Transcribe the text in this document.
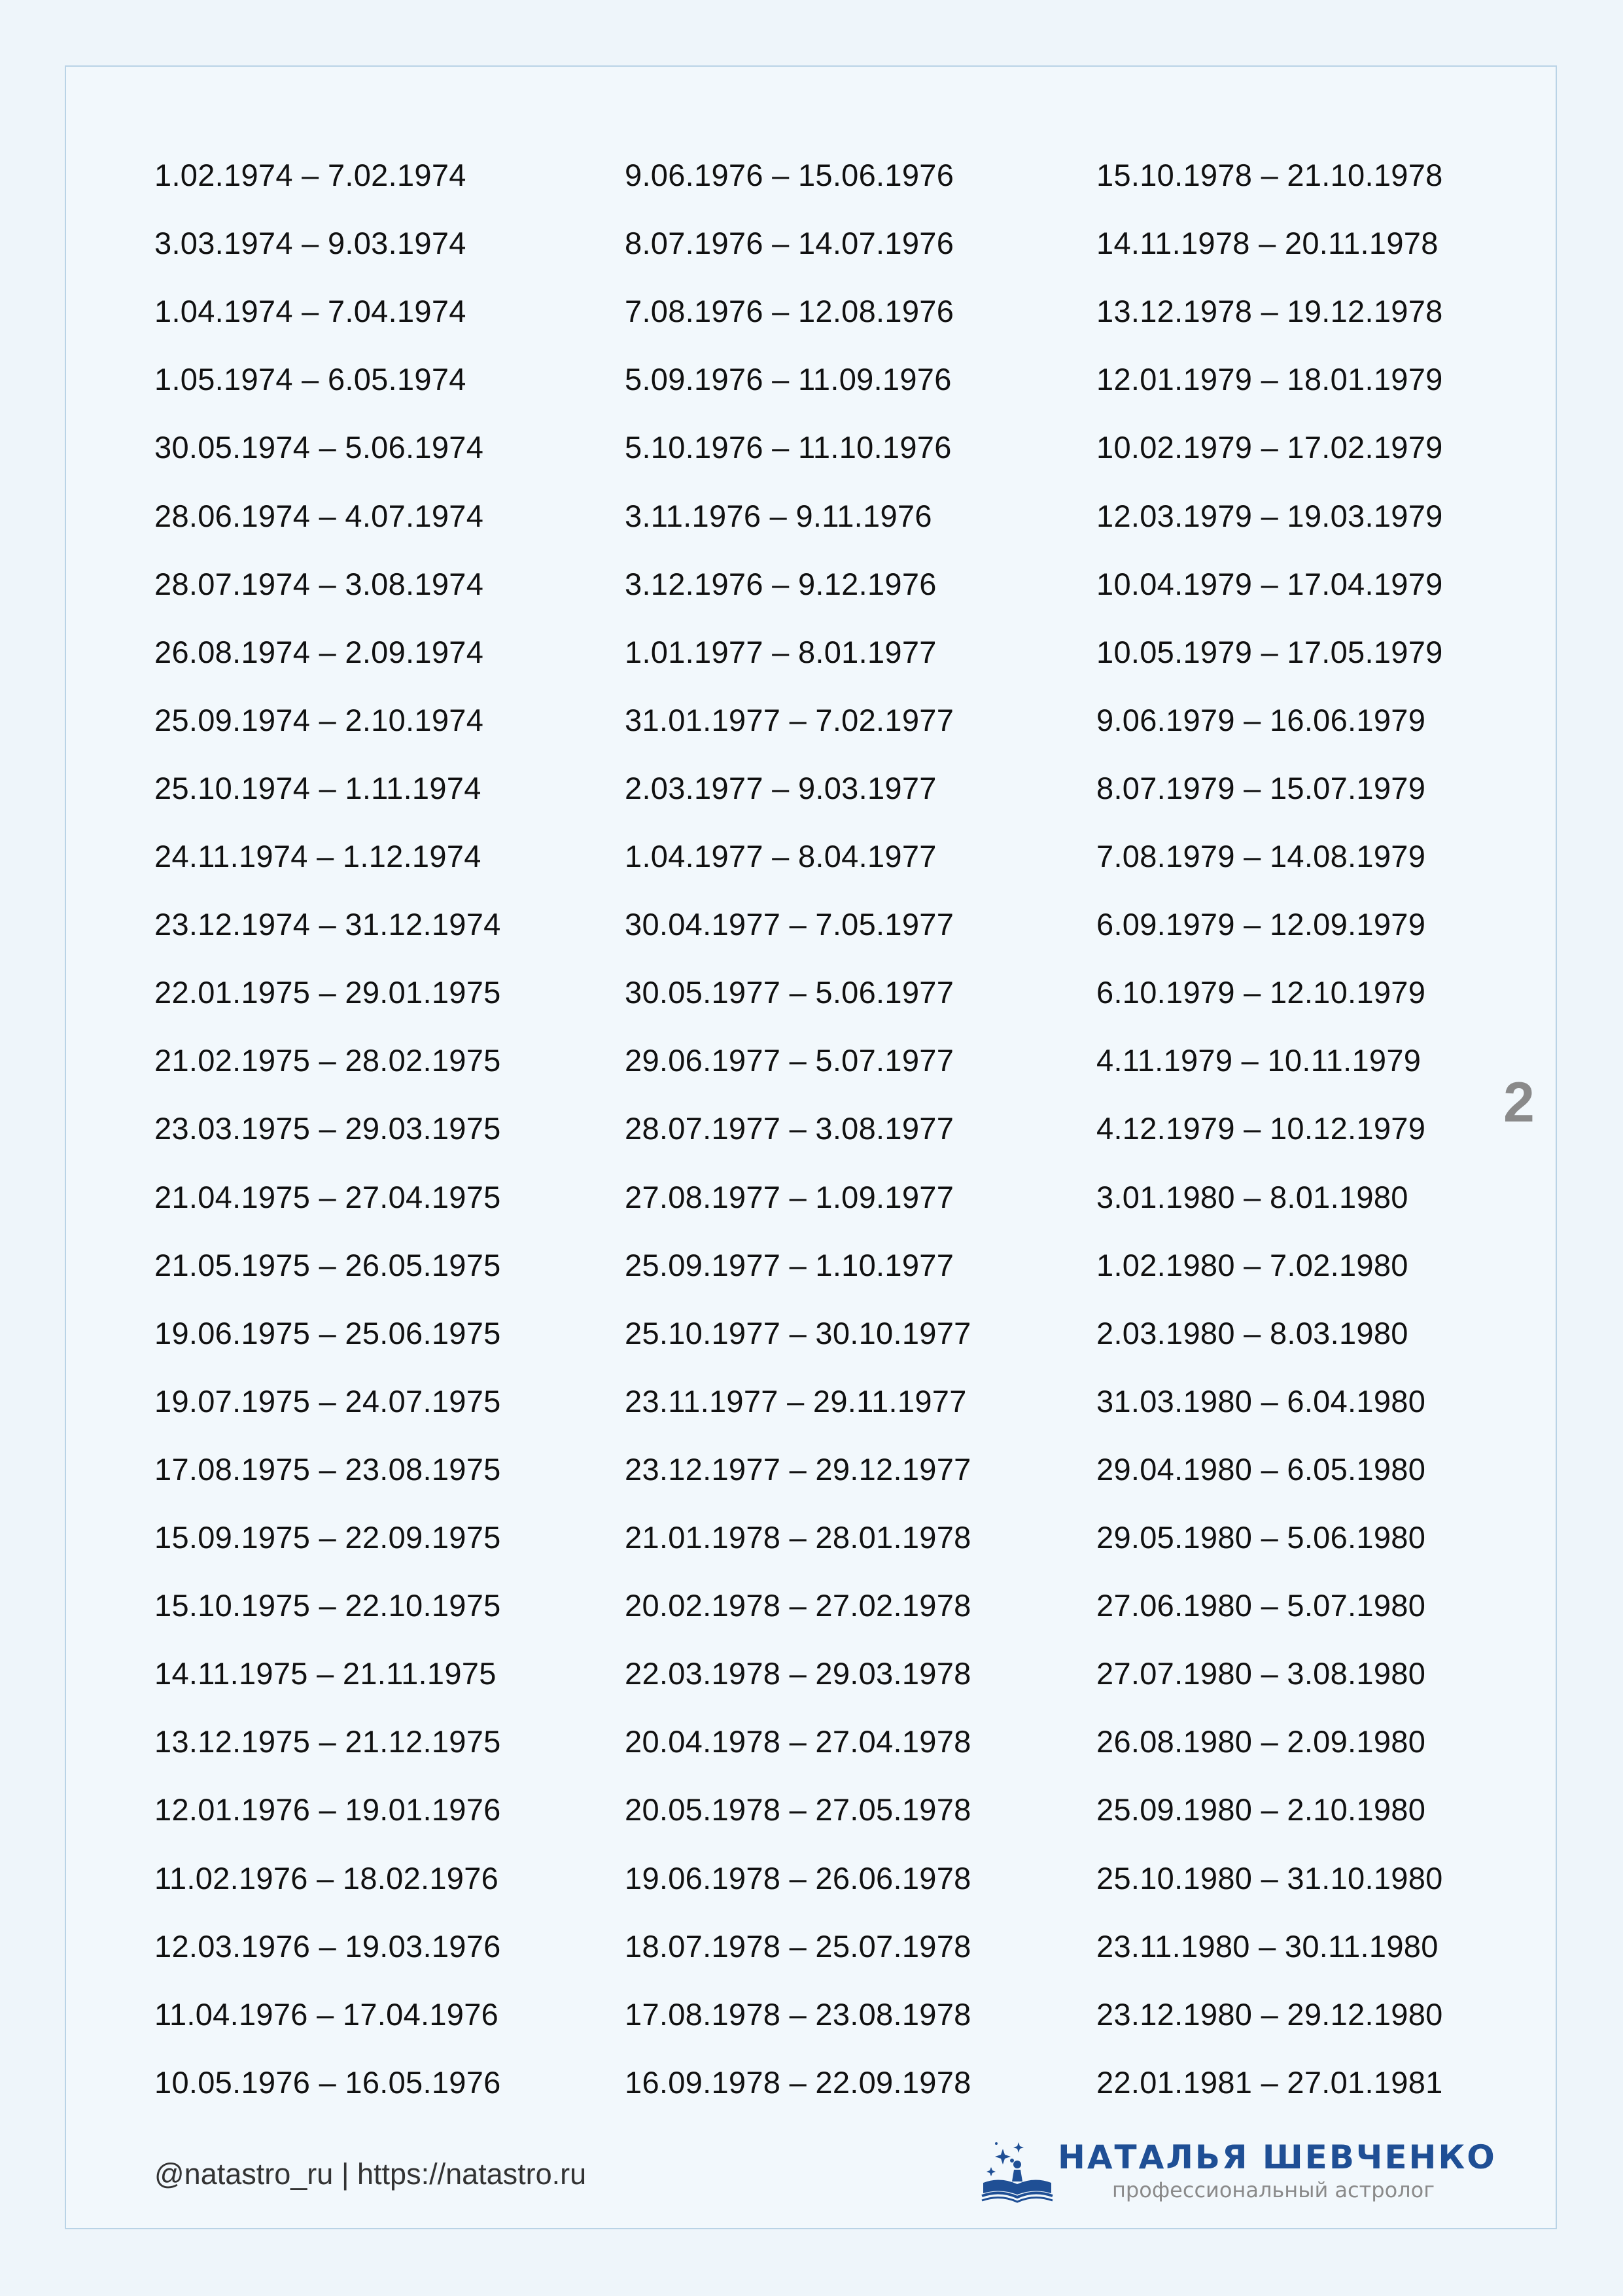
1.02.1974 – 7.02.1974
3.03.1974 – 9.03.1974
1.04.1974 – 7.04.1974
1.05.1974 – 6.05.1974
30.05.1974 – 5.06.1974
28.06.1974 – 4.07.1974
28.07.1974 – 3.08.1974
26.08.1974 – 2.09.1974
25.09.1974 – 2.10.1974
25.10.1974 – 1.11.1974
24.11.1974 – 1.12.1974
23.12.1974 – 31.12.1974
22.01.1975 – 29.01.1975
21.02.1975 – 28.02.1975
23.03.1975 – 29.03.1975
21.04.1975 – 27.04.1975
21.05.1975 – 26.05.1975
19.06.1975 – 25.06.1975
19.07.1975 – 24.07.1975
17.08.1975 – 23.08.1975
15.09.1975 – 22.09.1975
15.10.1975 – 22.10.1975
14.11.1975 – 21.11.1975
13.12.1975 – 21.12.1975
12.01.1976 – 19.01.1976
11.02.1976 – 18.02.1976
12.03.1976 – 19.03.1976
11.04.1976 – 17.04.1976
10.05.1976 – 16.05.1976
9.06.1976 – 15.06.1976
8.07.1976 – 14.07.1976
7.08.1976 – 12.08.1976
5.09.1976 – 11.09.1976
5.10.1976 – 11.10.1976
3.11.1976 – 9.11.1976
3.12.1976 – 9.12.1976
1.01.1977 – 8.01.1977
31.01.1977 – 7.02.1977
2.03.1977 – 9.03.1977
1.04.1977 – 8.04.1977
30.04.1977 – 7.05.1977
30.05.1977 – 5.06.1977
29.06.1977 – 5.07.1977
28.07.1977 – 3.08.1977
27.08.1977 – 1.09.1977
25.09.1977 – 1.10.1977
25.10.1977 – 30.10.1977
23.11.1977 – 29.11.1977
23.12.1977 – 29.12.1977
21.01.1978 – 28.01.1978
20.02.1978 – 27.02.1978
22.03.1978 – 29.03.1978
20.04.1978 – 27.04.1978
20.05.1978 – 27.05.1978
19.06.1978 – 26.06.1978
18.07.1978 – 25.07.1978
17.08.1978 – 23.08.1978
16.09.1978 – 22.09.1978
15.10.1978 – 21.10.1978
14.11.1978 – 20.11.1978
13.12.1978 – 19.12.1978
12.01.1979 – 18.01.1979
10.02.1979 – 17.02.1979
12.03.1979 – 19.03.1979
10.04.1979 – 17.04.1979
10.05.1979 – 17.05.1979
9.06.1979 – 16.06.1979
8.07.1979 – 15.07.1979
7.08.1979 – 14.08.1979
6.09.1979 – 12.09.1979
6.10.1979 – 12.10.1979
4.11.1979 – 10.11.1979
4.12.1979 – 10.12.1979
3.01.1980 – 8.01.1980
1.02.1980 – 7.02.1980
2.03.1980 – 8.03.1980
31.03.1980 – 6.04.1980
29.04.1980 – 6.05.1980
29.05.1980 – 5.06.1980
27.06.1980 – 5.07.1980
27.07.1980 – 3.08.1980
26.08.1980 – 2.09.1980
25.09.1980 – 2.10.1980
25.10.1980 – 31.10.1980
23.11.1980 – 30.11.1980
23.12.1980 – 29.12.1980
22.01.1981 – 27.01.1981
2
@natastro_ru | https://natastro.ru	НАТАЛЬЯ ШЕВЧЕНКО
профессиональный астролог
